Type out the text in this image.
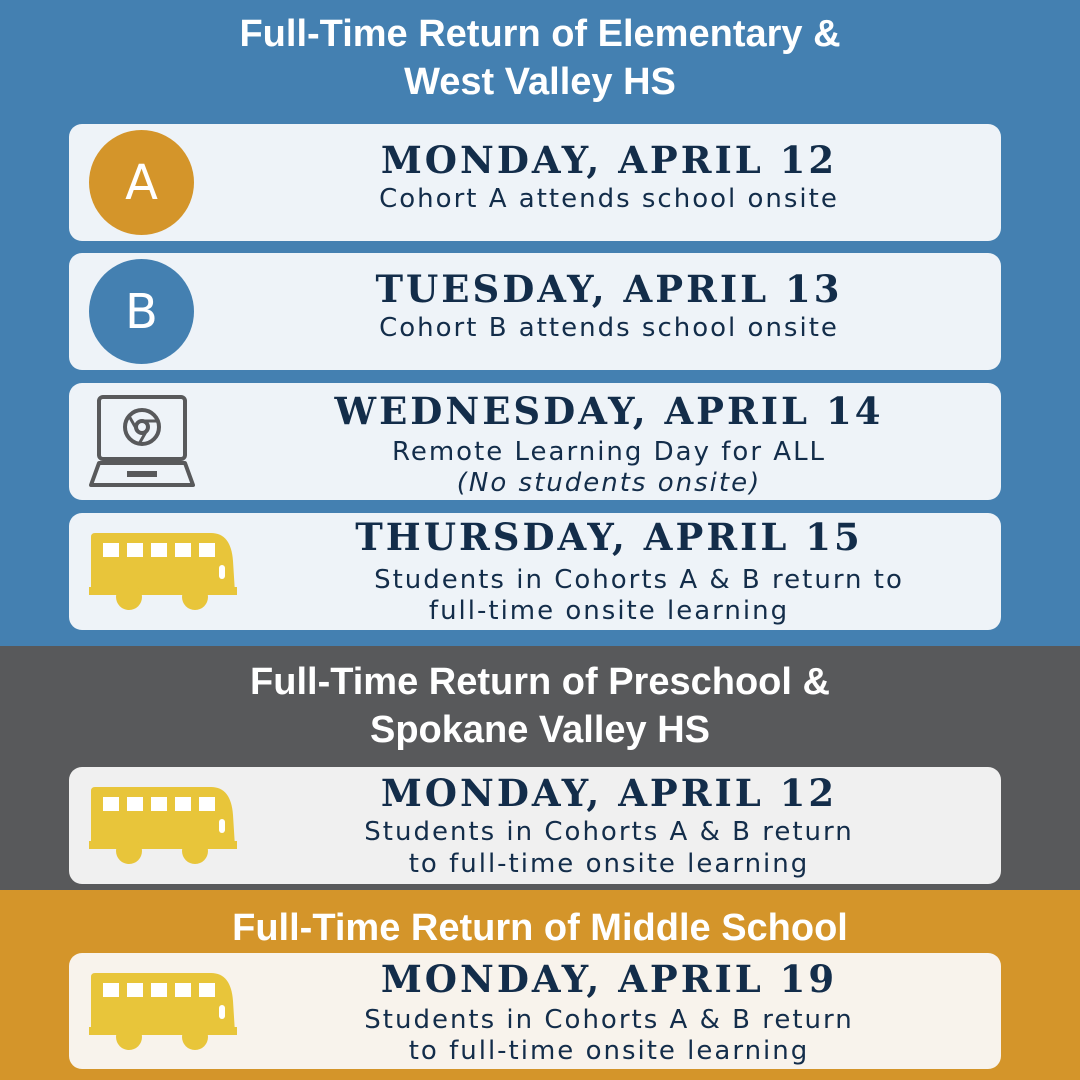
Full-Time Return of Elementary &
West Valley HS
A	MONDAY, APRIL 12
Cohort A attends school onsite
B	TUESDAY, APRIL 13
Cohort B attends school onsite
WEDNESDAY, APRIL 14
Remote Learning Day for ALL
(No students onsite)
THURSDAY, APRIL 15
Students in Cohorts A & B return to
full-time onsite learning
Full-Time Return of Preschool &
Spokane Valley HS
MONDAY, APRIL 12
Students in Cohorts A & B return
to full-time onsite learning
Full-Time Return of Middle School
MONDAY, APRIL 19
Students in Cohorts A & B return
to full-time onsite learning
